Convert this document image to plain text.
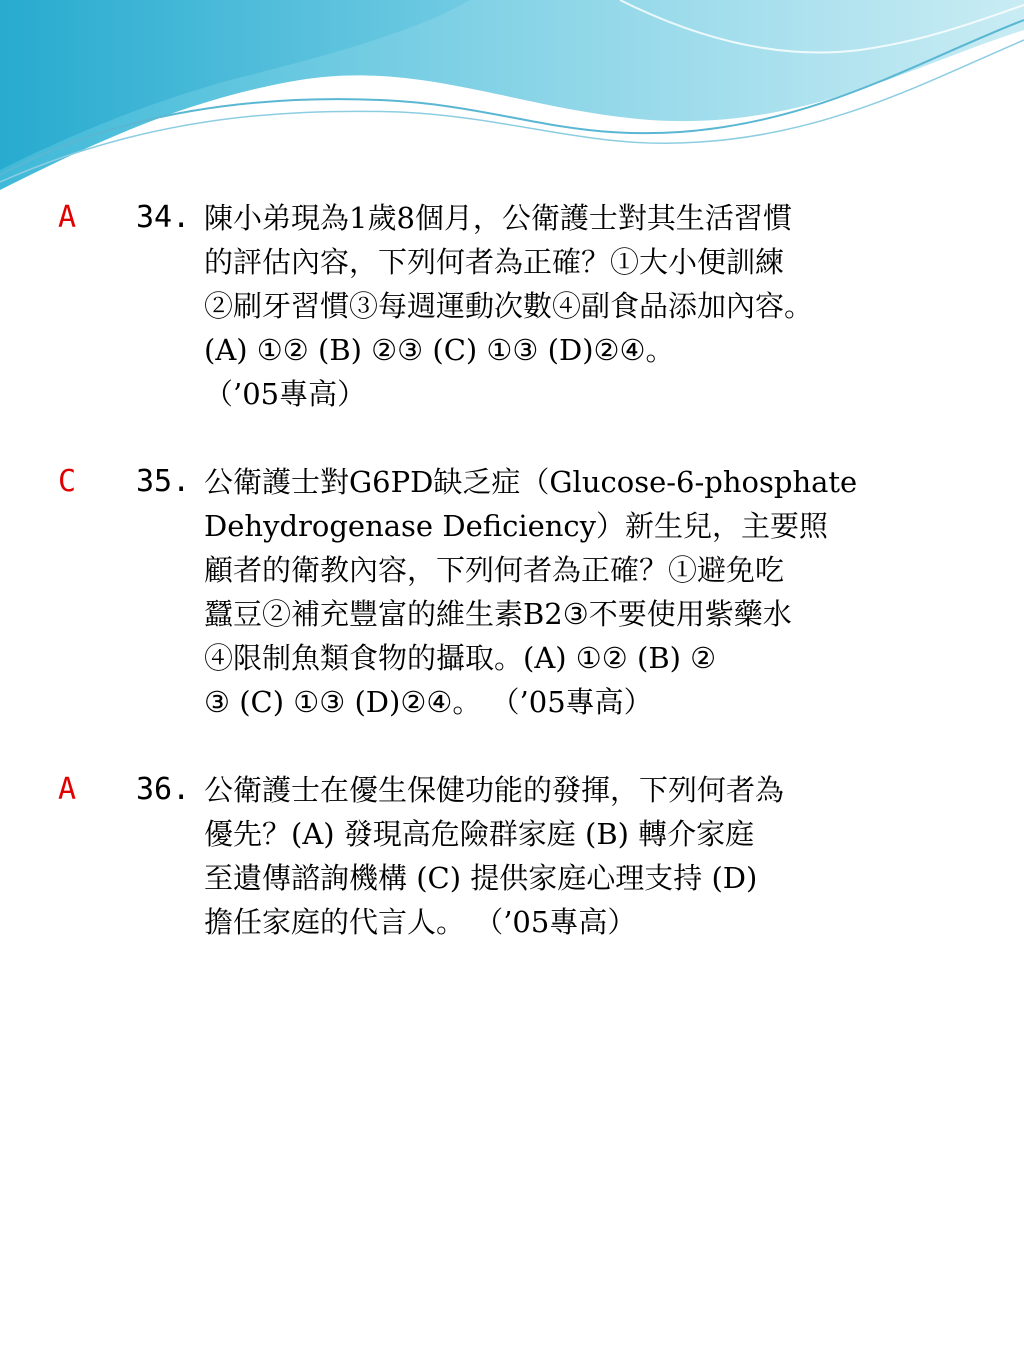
A 34. 陳小弟現為1歲8個月，公衛護士對其生活習慣
的評估內容，下列何者為正確？①大小便訓練
②刷牙習慣③每週運動次數④副食品添加內容。
(A) ①② (B) ②③ (C) ①③ (D)②④。
（’05專高）
C 35. 公衛護士對G6PD缺乏症（Glucose-6-phosphate
Dehydrogenase Deficiency）新生兒，主要照
顧者的衛教內容，下列何者為正確？①避免吃
蠶豆②補充豐富的維生素B2③不要使用紫藥水
④限制魚類食物的攝取。(A) ①② (B) ②
③ (C) ①③ (D)②④。 （’05專高）
A 36. 公衛護士在優生保健功能的發揮，下列何者為
優先？(A) 發現高危險群家庭 (B) 轉介家庭
至遺傳諮詢機構 (C) 提供家庭心理支持 (D)
擔任家庭的代言人。 （’05專高）
